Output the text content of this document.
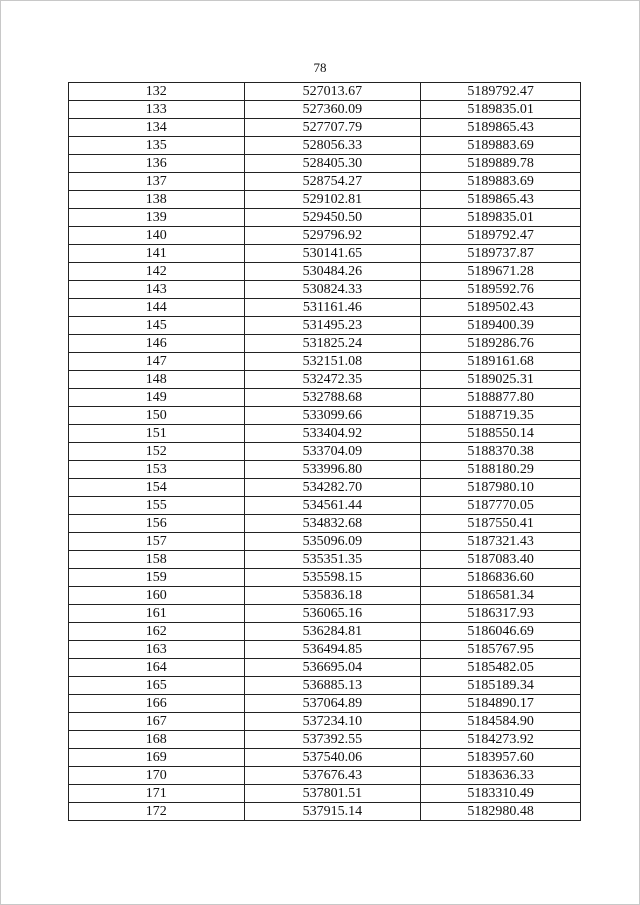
78
132	527013.67	5189792.47
133	527360.09	5189835.01
134	527707.79	5189865.43
135	528056.33	5189883.69
136	528405.30	5189889.78
137	528754.27	5189883.69
138	529102.81	5189865.43
139	529450.50	5189835.01
140	529796.92	5189792.47
141	530141.65	5189737.87
142	530484.26	5189671.28
143	530824.33	5189592.76
144	531161.46	5189502.43
145	531495.23	5189400.39
146	531825.24	5189286.76
147	532151.08	5189161.68
148	532472.35	5189025.31
149	532788.68	5188877.80
150	533099.66	5188719.35
151	533404.92	5188550.14
152	533704.09	5188370.38
153	533996.80	5188180.29
154	534282.70	5187980.10
155	534561.44	5187770.05
156	534832.68	5187550.41
157	535096.09	5187321.43
158	535351.35	5187083.40
159	535598.15	5186836.60
160	535836.18	5186581.34
161	536065.16	5186317.93
162	536284.81	5186046.69
163	536494.85	5185767.95
164	536695.04	5185482.05
165	536885.13	5185189.34
166	537064.89	5184890.17
167	537234.10	5184584.90
168	537392.55	5184273.92
169	537540.06	5183957.60
170	537676.43	5183636.33
171	537801.51	5183310.49
172	537915.14	5182980.48
